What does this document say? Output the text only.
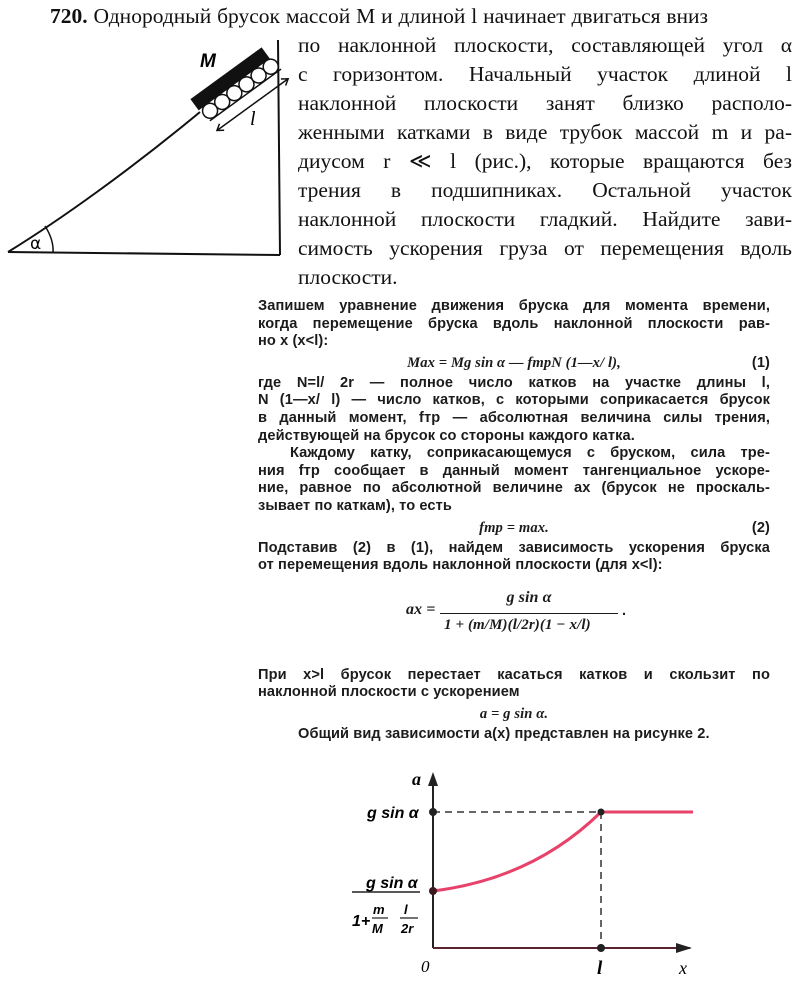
720. Однородный брусок массой M и длиной l начинает двигаться вниз
по наклонной плоскости, составляющей угол α
с горизонтом. Начальный участок длиной l
наклонной плоскости занят близко располо-
женными катками в виде трубок массой m и ра-
диусом r ≪ l (рис.), которые вращаются без
трения в подшипниках. Остальной участок
наклонной плоскости гладкий. Найдите зави-
симость ускорения груза от перемещения вдоль
плоскости.
α
M
l
Запишем уравнение движения бруска для момента времени,
когда перемещение бруска вдоль наклонной плоскости рав-
но x (x<l):
Max = Mg sin α — fтрN (1—x/ l),	(1)
где N=l/ 2r — полное число катков на участке длины l,
N (1—x/ l) — число катков, с которыми соприкасается брусок
в данный момент, fтр — абсолютная величина силы трения,
действующей на брусок со стороны каждого катка.
Каждому катку, соприкасающемуся с бруском, сила тре-
ния fтр сообщает в данный момент тангенциальное ускоре-
ние, равное по абсолютной величине ax (брусок не проскаль-
зывает по каткам), то есть
fтр = max.	(2)
Подставив (2) в (1), найдем зависимость ускорения бруска
от перемещения вдоль наклонной плоскости (для x<l):
ax =
g sin α
1 + (m/M)(l/2r)(1 − x/l)
.
При x>l брусок перестает касаться катков и скользит по
наклонной плоскости с ускорением
a = g sin α.
Общий вид зависимости a(x) представлен на рисунке 2.
a
g sin α
g sin α
1+
m
M
l
2r
0	l	x
